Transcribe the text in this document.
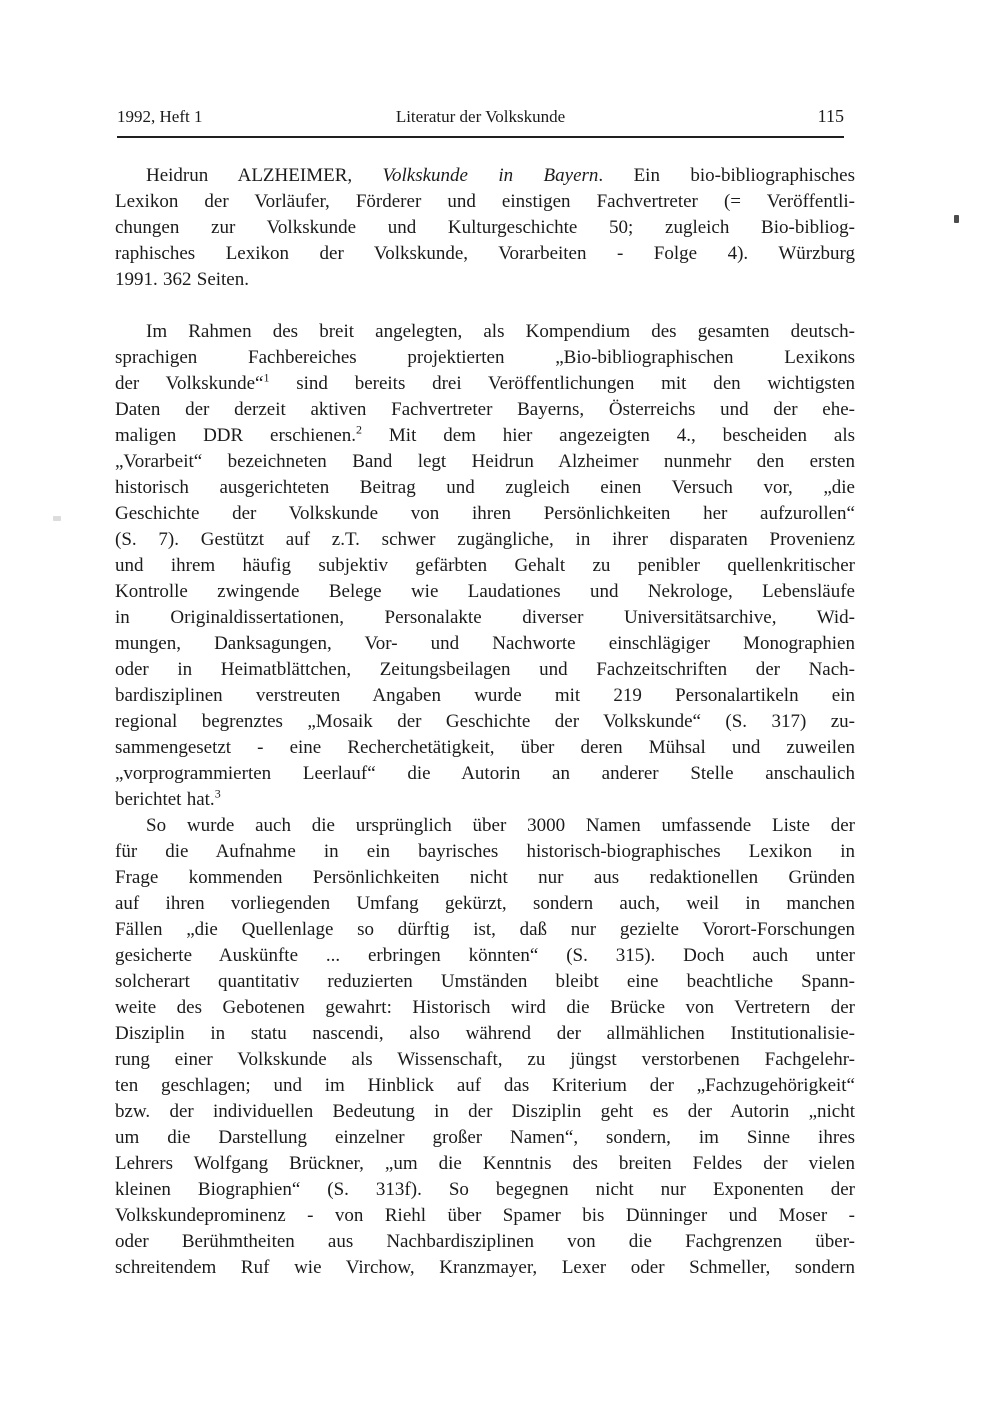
1992, Heft 1	Literatur der Volkskunde	115
Heidrun ALZHEIMER, Volkskunde in Bayern. Ein bio-bibliographisches
Lexikon der Vorläufer, Förderer und einstigen Fachvertreter (= Veröffentli-
chungen zur Volkskunde und Kulturgeschichte 50; zugleich Bio-bibliog-
raphisches Lexikon der Volkskunde, Vorarbeiten - Folge 4). Würzburg
1991. 362 Seiten.
Im Rahmen des breit angelegten, als Kompendium des gesamten deutsch-
sprachigen Fachbereiches projektierten „Bio-bibliographischen Lexikons
der Volkskunde“$^1$ sind bereits drei Veröffentlichungen mit den wichtigsten
Daten der derzeit aktiven Fachvertreter Bayerns, Österreichs und der ehe-
maligen DDR erschienen.$^2$ Mit dem hier angezeigten 4., bescheiden als
„Vorarbeit“ bezeichneten Band legt Heidrun Alzheimer nunmehr den ersten
historisch ausgerichteten Beitrag und zugleich einen Versuch vor, „die
Geschichte der Volkskunde von ihren Persönlichkeiten her aufzurollen“
(S. 7). Gestützt auf z.T. schwer zugängliche, in ihrer disparaten Provenienz
und ihrem häufig subjektiv gefärbten Gehalt zu penibler quellenkritischer
Kontrolle zwingende Belege wie Laudationes und Nekrologe, Lebensläufe
in Originaldissertationen, Personalakte diverser Universitätsarchive, Wid-
mungen, Danksagungen, Vor- und Nachworte einschlägiger Monographien
oder in Heimatblättchen, Zeitungsbeilagen und Fachzeitschriften der Nach-
bardisziplinen verstreuten Angaben wurde mit 219 Personalartikeln ein
regional begrenztes „Mosaik der Geschichte der Volkskunde“ (S. 317) zu-
sammengesetzt - eine Recherchetätigkeit, über deren Mühsal und zuweilen
„vorprogrammierten Leerlauf“ die Autorin an anderer Stelle anschaulich
berichtet hat.$^3$
So wurde auch die ursprünglich über 3000 Namen umfassende Liste der
für die Aufnahme in ein bayrisches historisch-biographisches Lexikon in
Frage kommenden Persönlichkeiten nicht nur aus redaktionellen Gründen
auf ihren vorliegenden Umfang gekürzt, sondern auch, weil in manchen
Fällen „die Quellenlage so dürftig ist, daß nur gezielte Vorort-Forschungen
gesicherte Auskünfte ... erbringen könnten“ (S. 315). Doch auch unter
solcherart quantitativ reduzierten Umständen bleibt eine beachtliche Spann-
weite des Gebotenen gewahrt: Historisch wird die Brücke von Vertretern der
Disziplin in statu nascendi, also während der allmählichen Institutionalisie-
rung einer Volkskunde als Wissenschaft, zu jüngst verstorbenen Fachgelehr-
ten geschlagen; und im Hinblick auf das Kriterium der „Fachzugehörigkeit“
bzw. der individuellen Bedeutung in der Disziplin geht es der Autorin „nicht
um die Darstellung einzelner großer Namen“, sondern, im Sinne ihres
Lehrers Wolfgang Brückner, „um die Kenntnis des breiten Feldes der vielen
kleinen Biographien“ (S. 313f). So begegnen nicht nur Exponenten der
Volkskundeprominenz - von Riehl über Spamer bis Dünninger und Moser -
oder Berühmtheiten aus Nachbardisziplinen von die Fachgrenzen über-
schreitendem Ruf wie Virchow, Kranzmayer, Lexer oder Schmeller, sondern
